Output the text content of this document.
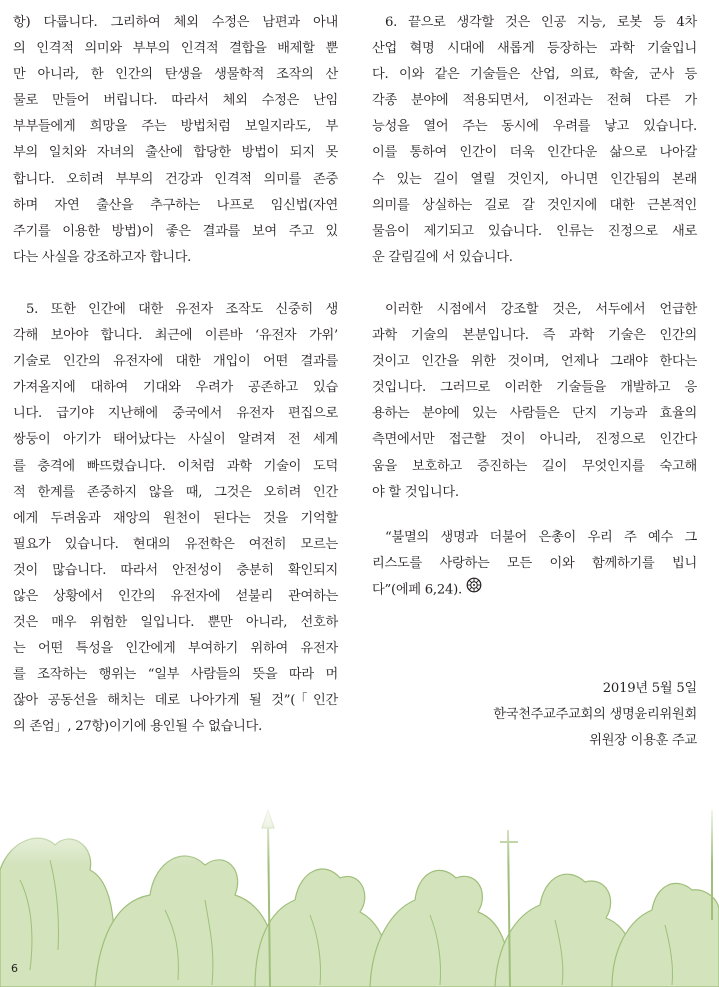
항) 다룹니다. 그리하여 체외 수정은 남편과 아내
의 인격적 의미와 부부의 인격적 결합을 배제할 뿐
만 아니라, 한 인간의 탄생을 생물학적 조작의 산
물로 만들어 버립니다. 따라서 체외 수정은 난임
부부들에게 희망을 주는 방법처럼 보일지라도, 부
부의 일치와 자녀의 출산에 합당한 방법이 되지 못
합니다. 오히려 부부의 건강과 인격적 의미를 존중
하며 자연 출산을 추구하는 나프로 임신법(자연
주기를 이용한 방법)이 좋은 결과를 보여 주고 있
다는 사실을 강조하고자 합니다.
5. 또한 인간에 대한 유전자 조작도 신중히 생
각해 보아야 합니다. 최근에 이른바 ‘유전자 가위’
기술로 인간의 유전자에 대한 개입이 어떤 결과를
가져올지에 대하여 기대와 우려가 공존하고 있습
니다. 급기야 지난해에 중국에서 유전자 편집으로
쌍둥이 아기가 태어났다는 사실이 알려져 전 세계
를 충격에 빠뜨렸습니다. 이처럼 과학 기술이 도덕
적 한계를 존중하지 않을 때, 그것은 오히려 인간
에게 두려움과 재앙의 원천이 된다는 것을 기억할
필요가 있습니다. 현대의 유전학은 여전히 모르는
것이 많습니다. 따라서 안전성이 충분히 확인되지
않은 상황에서 인간의 유전자에 섣불리 관여하는
것은 매우 위험한 일입니다. 뿐만 아니라, 선호하
는 어떤 특성을 인간에게 부여하기 위하여 유전자
를 조작하는 행위는 “일부 사람들의 뜻을 따라 머
잖아 공동선을 해치는 데로 나아가게 될 것”(「인간
의 존엄」, 27항)이기에 용인될 수 없습니다.
6. 끝으로 생각할 것은 인공 지능, 로봇 등 4차
산업 혁명 시대에 새롭게 등장하는 과학 기술입니
다. 이와 같은 기술들은 산업, 의료, 학술, 군사 등
각종 분야에 적용되면서, 이전과는 전혀 다른 가
능성을 열어 주는 동시에 우려를 낳고 있습니다.
이를 통하여 인간이 더욱 인간다운 삶으로 나아갈
수 있는 길이 열릴 것인지, 아니면 인간됨의 본래
의미를 상실하는 길로 갈 것인지에 대한 근본적인
물음이 제기되고 있습니다. 인류는 진정으로 새로
운 갈림길에 서 있습니다.
이러한 시점에서 강조할 것은, 서두에서 언급한
과학 기술의 본분입니다. 즉 과학 기술은 인간의
것이고 인간을 위한 것이며, 언제나 그래야 한다는
것입니다. 그러므로 이러한 기술들을 개발하고 응
용하는 분야에 있는 사람들은 단지 기능과 효율의
측면에서만 접근할 것이 아니라, 진정으로 인간다
움을 보호하고 증진하는 길이 무엇인지를 숙고해
야 할 것입니다.
“불멸의 생명과 더불어 은총이 우리 주 예수 그
리스도를 사랑하는 모든 이와 함께하기를 빕니
다”(에페 6,24).
2019년 5월 5일
한국천주교주교회의 생명윤리위원회
위원장 이용훈 주교
6
